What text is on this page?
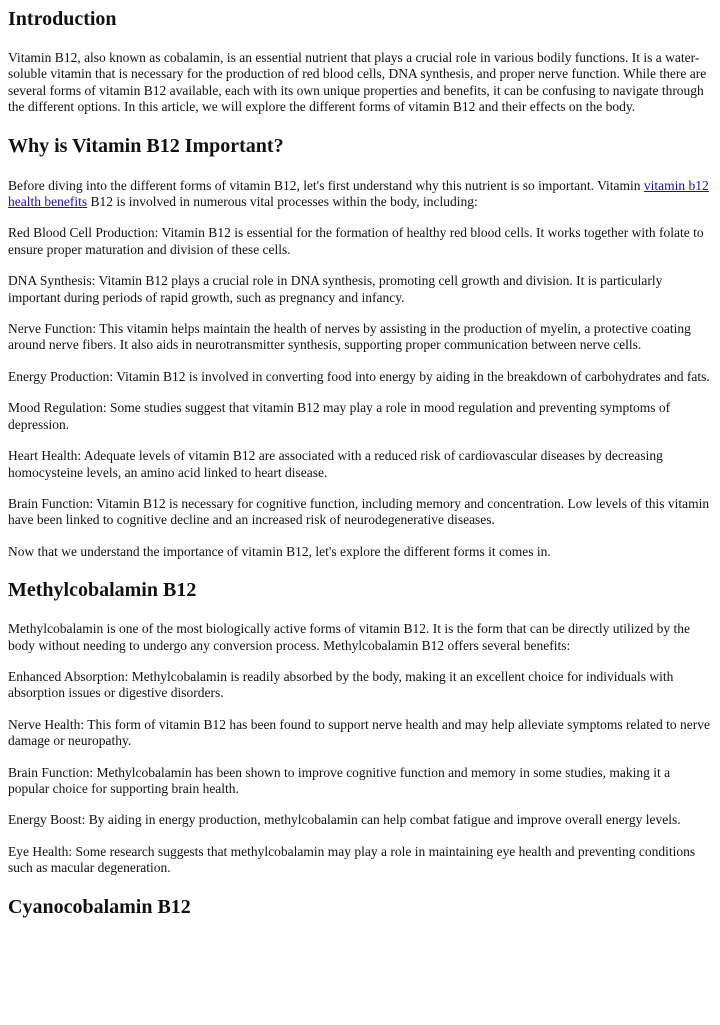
Introduction

Vitamin B12, also known as cobalamin, is an essential nutrient that plays a crucial role in various bodily functions. It is a water-soluble vitamin that is necessary for the production of red blood cells, DNA synthesis, and proper nerve function. While there are several forms of vitamin B12 available, each with its own unique properties and benefits, it can be confusing to navigate through the different options. In this article, we will explore the different forms of vitamin B12 and their effects on the body.

Why is Vitamin B12 Important?

Before diving into the different forms of vitamin B12, let's first understand why this nutrient is so important. Vitamin vitamin b12 health benefits B12 is involved in numerous vital processes within the body, including:

Red Blood Cell Production: Vitamin B12 is essential for the formation of healthy red blood cells. It works together with folate to ensure proper maturation and division of these cells.

DNA Synthesis: Vitamin B12 plays a crucial role in DNA synthesis, promoting cell growth and division. It is particularly important during periods of rapid growth, such as pregnancy and infancy.

Nerve Function: This vitamin helps maintain the health of nerves by assisting in the production of myelin, a protective coating around nerve fibers. It also aids in neurotransmitter synthesis, supporting proper communication between nerve cells.

Energy Production: Vitamin B12 is involved in converting food into energy by aiding in the breakdown of carbohydrates and fats.

Mood Regulation: Some studies suggest that vitamin B12 may play a role in mood regulation and preventing symptoms of depression.

Heart Health: Adequate levels of vitamin B12 are associated with a reduced risk of cardiovascular diseases by decreasing homocysteine levels, an amino acid linked to heart disease.

Brain Function: Vitamin B12 is necessary for cognitive function, including memory and concentration. Low levels of this vitamin have been linked to cognitive decline and an increased risk of neurodegenerative diseases.

Now that we understand the importance of vitamin B12, let's explore the different forms it comes in.

Methylcobalamin B12

Methylcobalamin is one of the most biologically active forms of vitamin B12. It is the form that can be directly utilized by the body without needing to undergo any conversion process. Methylcobalamin B12 offers several benefits:

Enhanced Absorption: Methylcobalamin is readily absorbed by the body, making it an excellent choice for individuals with absorption issues or digestive disorders.

Nerve Health: This form of vitamin B12 has been found to support nerve health and may help alleviate symptoms related to nerve damage or neuropathy.

Brain Function: Methylcobalamin has been shown to improve cognitive function and memory in some studies, making it a popular choice for supporting brain health.

Energy Boost: By aiding in energy production, methylcobalamin can help combat fatigue and improve overall energy levels.

Eye Health: Some research suggests that methylcobalamin may play a role in maintaining eye health and preventing conditions such as macular degeneration.

Cyanocobalamin B12
